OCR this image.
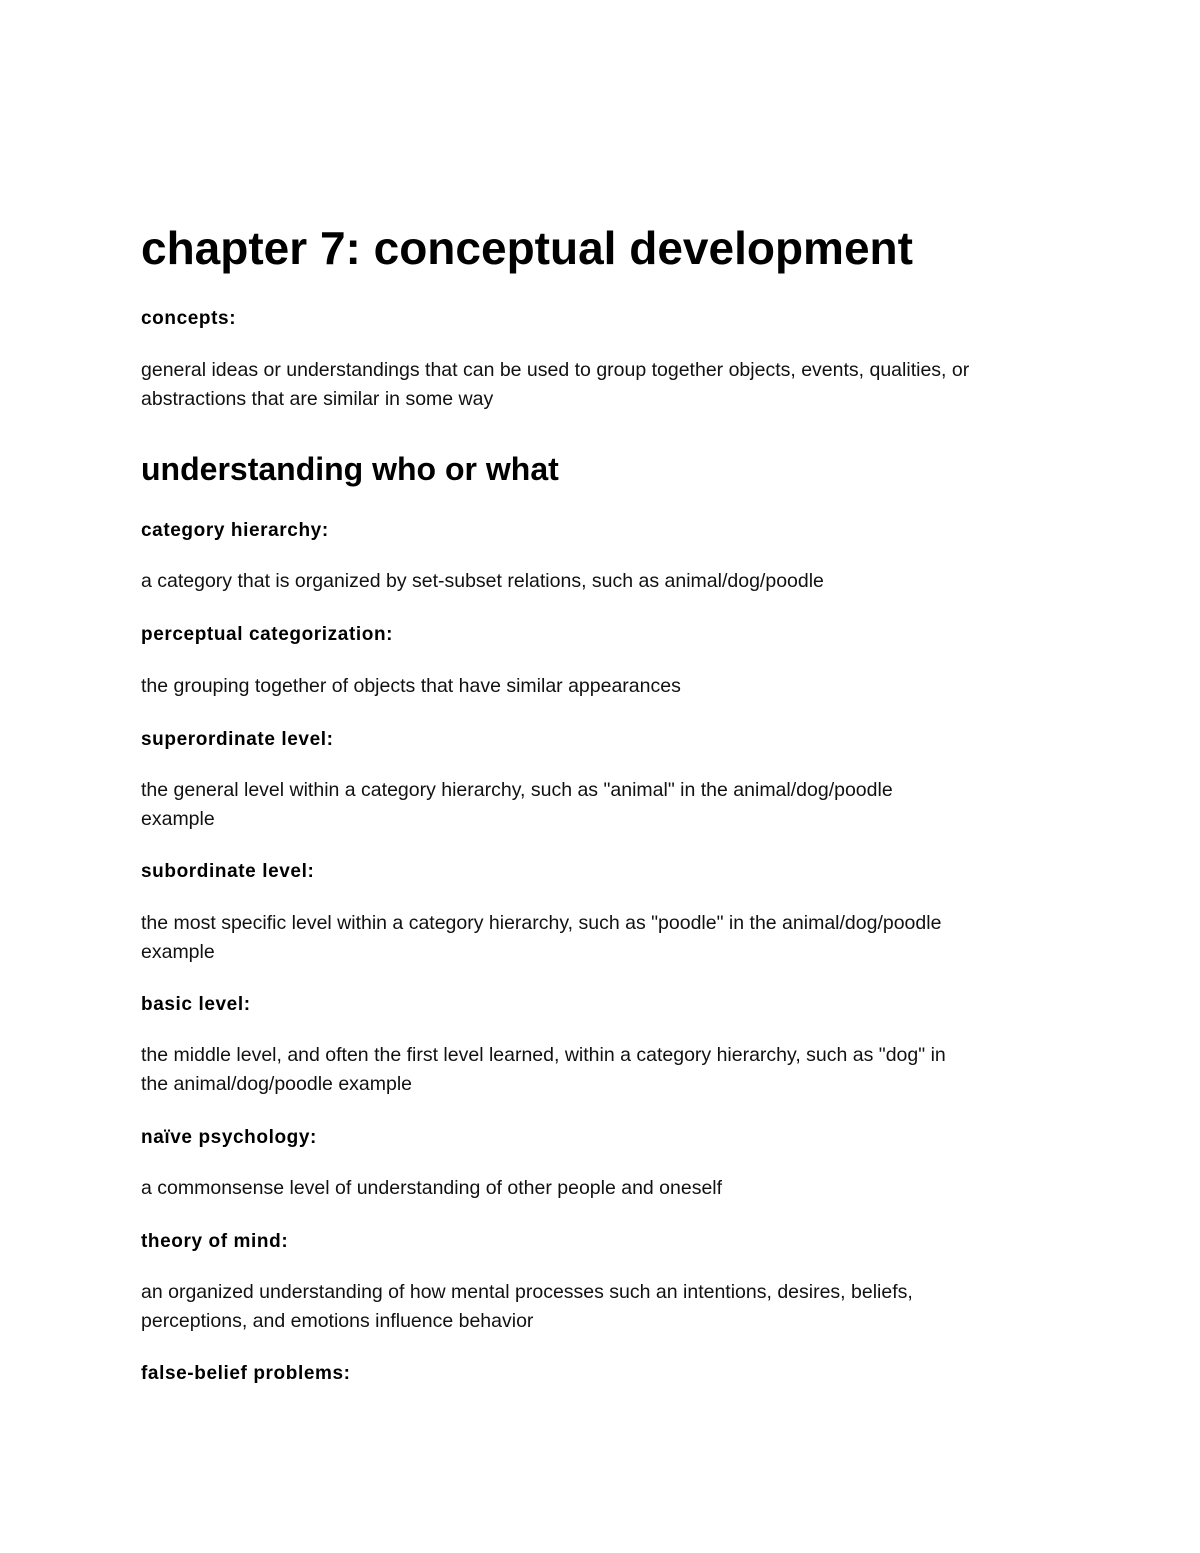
chapter 7: conceptual development
concepts:
general ideas or understandings that can be used to group together objects, events, qualities, or
abstractions that are similar in some way
understanding who or what
category hierarchy:
a category that is organized by set-subset relations, such as animal/dog/poodle
perceptual categorization:
the grouping together of objects that have similar appearances
superordinate level:
the general level within a category hierarchy, such as "animal" in the animal/dog/poodle
example
subordinate level:
the most specific level within a category hierarchy, such as "poodle" in the animal/dog/poodle
example
basic level:
the middle level, and often the first level learned, within a category hierarchy, such as "dog" in
the animal/dog/poodle example
naïve psychology:
a commonsense level of understanding of other people and oneself
theory of mind:
an organized understanding of how mental processes such an intentions, desires, beliefs,
perceptions, and emotions influence behavior
false-belief problems:
